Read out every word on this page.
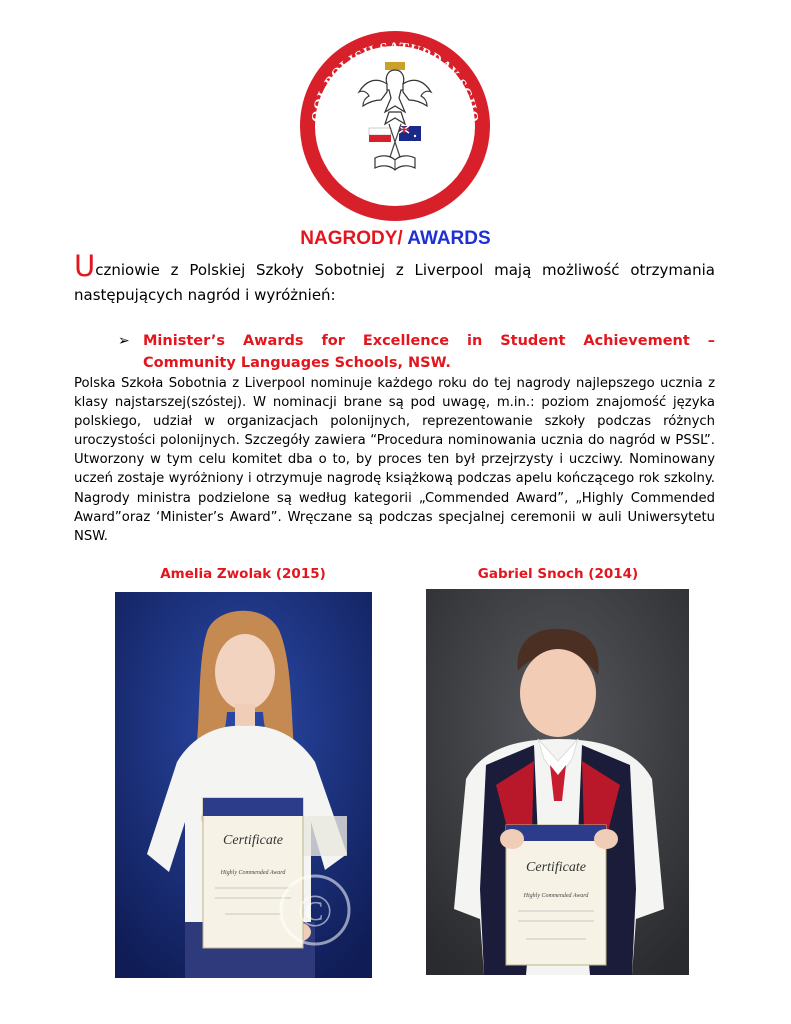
OOL POLISH SATURDAY SCHO
POLSKA SZKOŁA SOBOTNIA LIVERPOOL
NAGRODY/ AWARDS
Uczniowie z Polskiej Szkoły Sobotniej z Liverpool mają możliwość otrzymania następujących nagród i wyróżnień:
➢ Minister’s Awards for Excellence in Student Achievement – Community Languages Schools, NSW.
Polska Szkoła Sobotnia z Liverpool nominuje każdego roku do tej nagrody najlepszego ucznia z klasy najstarszej(szóstej). W nominacji brane są pod uwagę, m.in.: poziom znajomość języka polskiego, udział w organizacjach polonijnych, reprezentowanie szkoły podczas różnych uroczystości polonijnych. Szczegóły zawiera “Procedura nominowania ucznia do nagród w PSSL”. Utworzony w tym celu komitet dba o to, by proces ten był przejrzysty i uczciwy. Nominowany uczeń zostaje wyróżniony i otrzymuje nagrodę książkową podczas apelu kończącego rok szkolny. Nagrody ministra podzielone są według kategorii „Commended Award”, „Highly Commended Award”oraz ‘Minister’s Award”. Wręczane są podczas specjalnej ceremonii w auli Uniwersytetu NSW.
Amelia Zwolak (2015)	Gabriel Snoch (2014)
Certificate
Highly Commended Award
©
Certificate
Highly Commended Award
